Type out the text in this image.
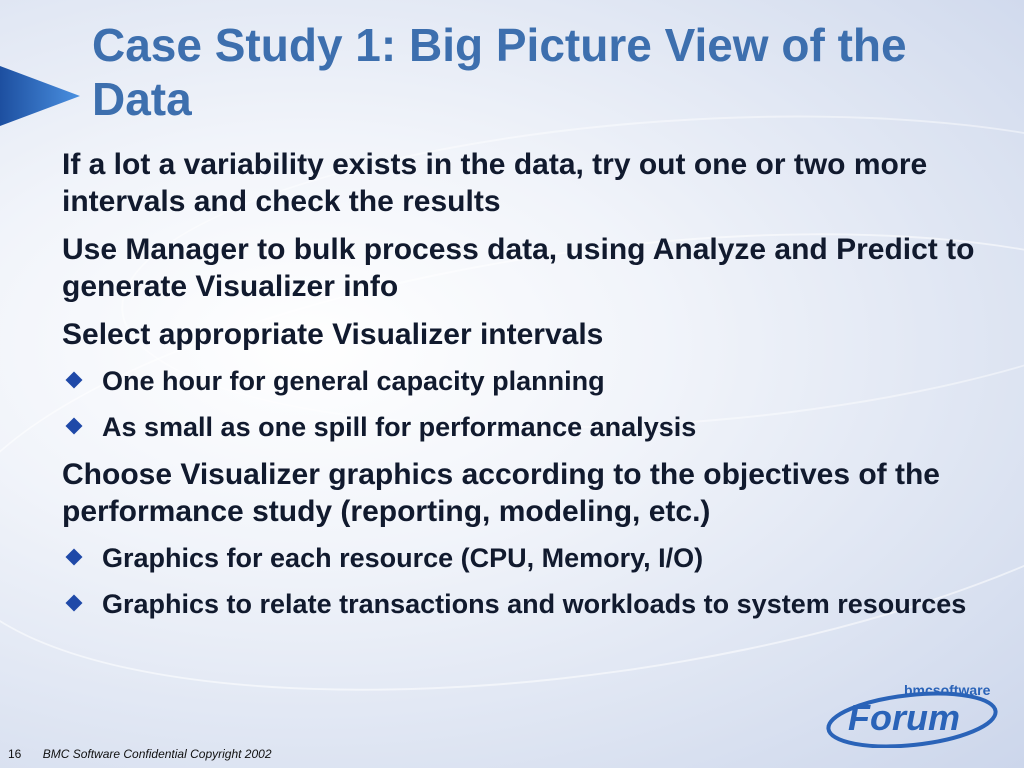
Case Study 1: Big Picture View of the Data

If a lot a variability exists in the data, try out one or two more intervals and check the results

Use Manager to bulk process data, using Analyze and Predict to generate Visualizer info

Select appropriate Visualizer intervals

One hour for general capacity planning
As small as one spill for performance analysis

Choose Visualizer graphics according to the objectives of the performance study (reporting, modeling, etc.)

Graphics for each resource (CPU, Memory, I/O)
Graphics to relate transactions and workloads to system resources
16 BMC Software Confidential Copyright 2002
bmcsoftware
Forum
